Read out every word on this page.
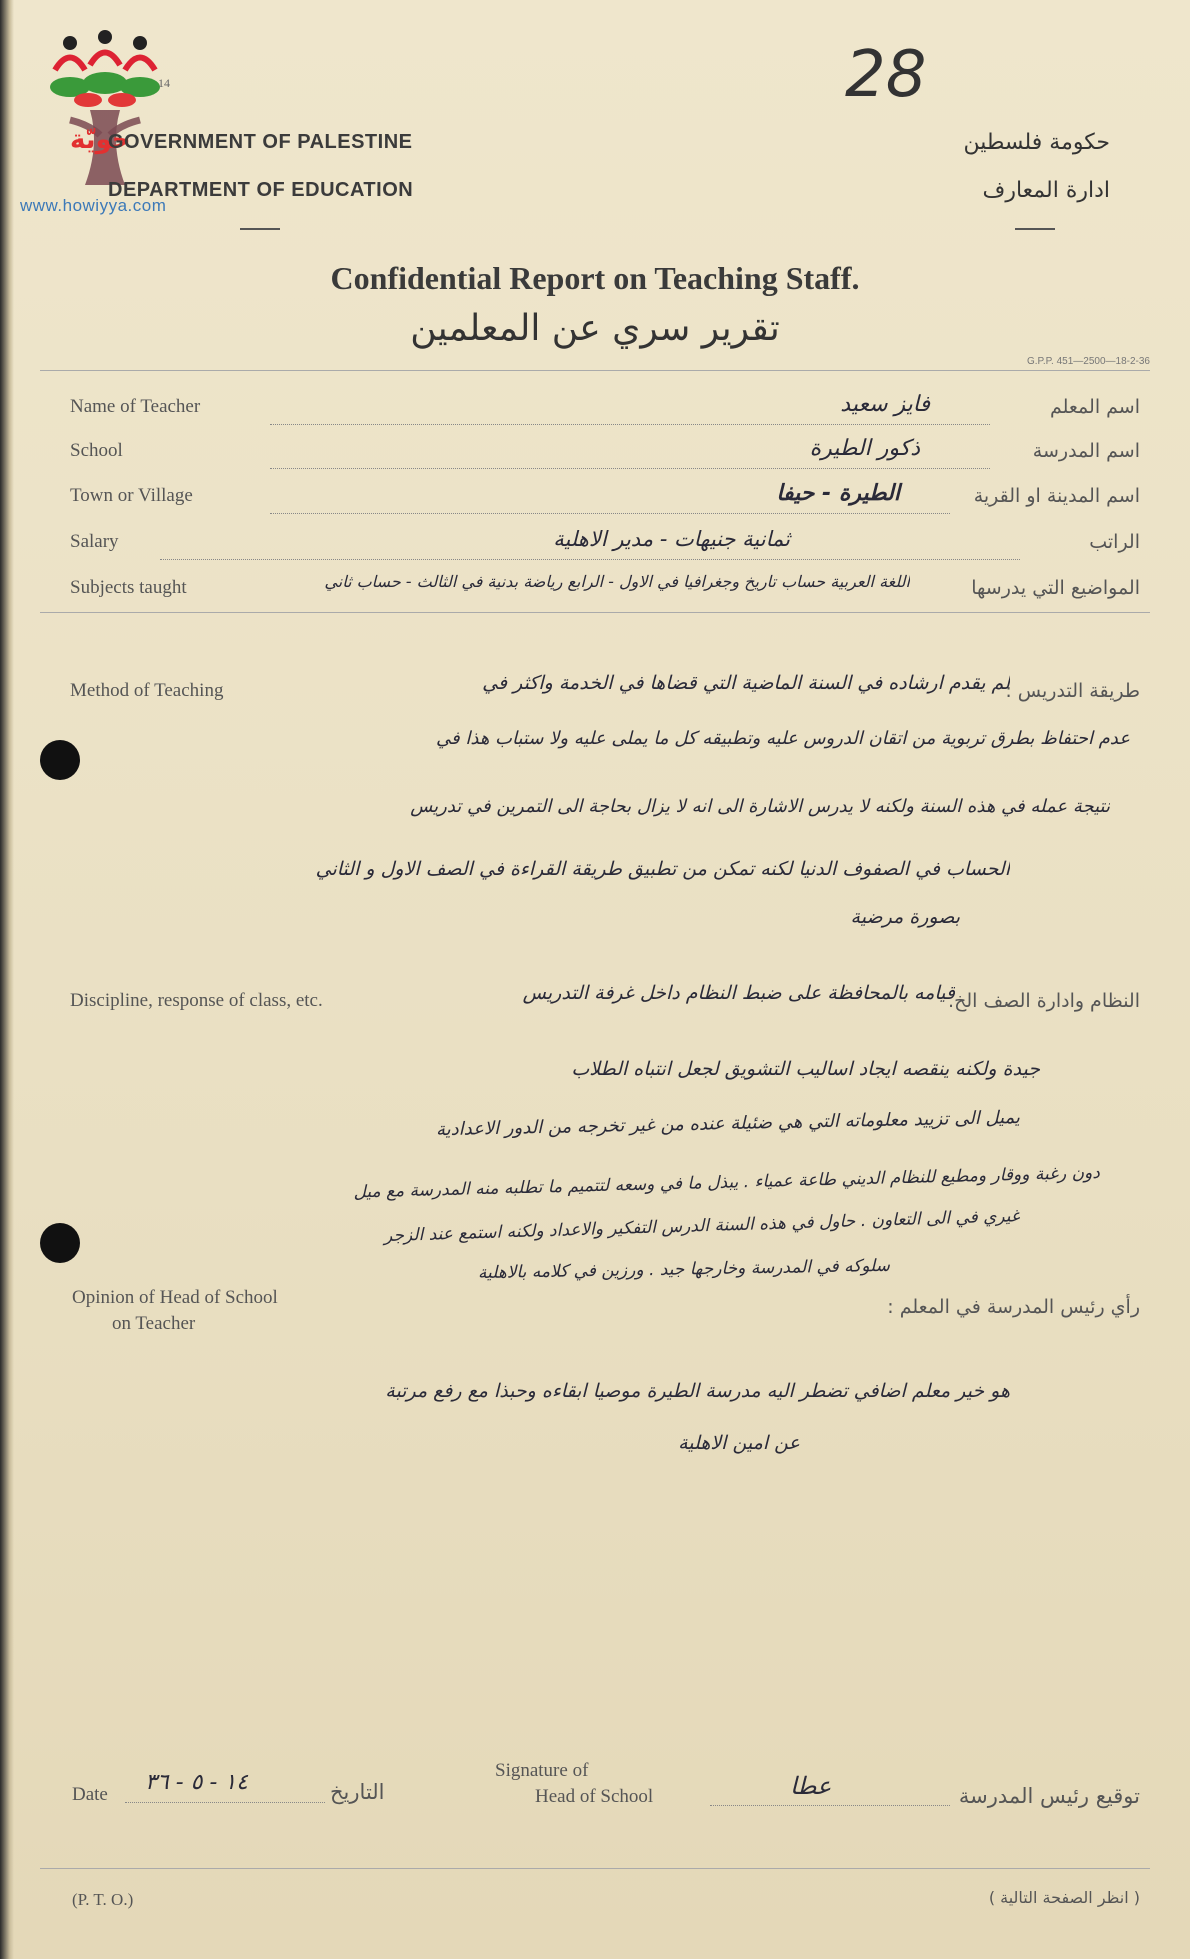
حويّة
www.howiyya.com
14	28
GOVERNMENT OF PALESTINE
DEPARTMENT OF EDUCATION
حكومة فلسطين
ادارة المعارف
Confidential Report on Teaching Staff.
تقرير سري عن المعلمين
G.P.P. 451—2500—18-2-36
Name of Teacher	اسم المعلم
فايز سعيد
School	اسم المدرسة
ذكور الطيرة
Town or Village	اسم المدينة او القرية
الطيرة - حيفا
Salary	الراتب
ثمانية جنيهات - مدير الاهلية
Subjects taught	المواضيع التي يدرسها
اللغة العربية حساب تاريخ وجغرافيا في الاول - الرابع رياضة بدنية في الثالث - حساب ثاني
Method of Teaching	طريقة التدريس :
لم يقدم ارشاده في السنة الماضية التي قضاها في الخدمة واكثر في
عدم احتفاظ بطرق تربوية من اتقان الدروس عليه وتطبيقه كل ما يملى عليه ولا ستباب هذا في
نتيجة عمله في هذه السنة ولكنه لا يدرس الاشارة الى انه لا يزال بحاجة الى التمرين في تدريس
الحساب في الصفوف الدنيا لكنه تمكن من تطبيق طريقة القراءة في الصف الاول و الثاني
بصورة مرضية
Discipline, response of class, etc.	النظام وادارة الصف الخ.
قيامه بالمحافظة على ضبط النظام داخل غرفة التدريس
جيدة ولكنه ينقصه ايجاد اساليب التشويق لجعل انتباه الطلاب
يميل الى تزييد معلوماته التي هي ضئيلة عنده من غير تخرجه من الدور الاعدادية
دون رغبة ووقار ومطيع للنظام الديني طاعة عمياء . يبذل ما في وسعه لتتميم ما تطلبه منه المدرسة مع ميل
غيري في الى التعاون . حاول في هذه السنة الدرس التفكير والاعداد ولكنه استمع عند الزجر
سلوكه في المدرسة وخارجها جيد . ورزين في كلامه بالاهلية
Opinion of Head of School
on Teacher
رأي رئيس المدرسة في المعلم :
هو خير معلم اضافي تضطر اليه مدرسة الطيرة موصيا ابقاءه وحبذا مع رفع مرتبة
عن امين الاهلية
Date ١٤ - ٥ - ٣٦	التاريخ
Signature of
Head of School	عطا	توقيع رئيس المدرسة
(P. T. O.)	( انظر الصفحة التالية )
